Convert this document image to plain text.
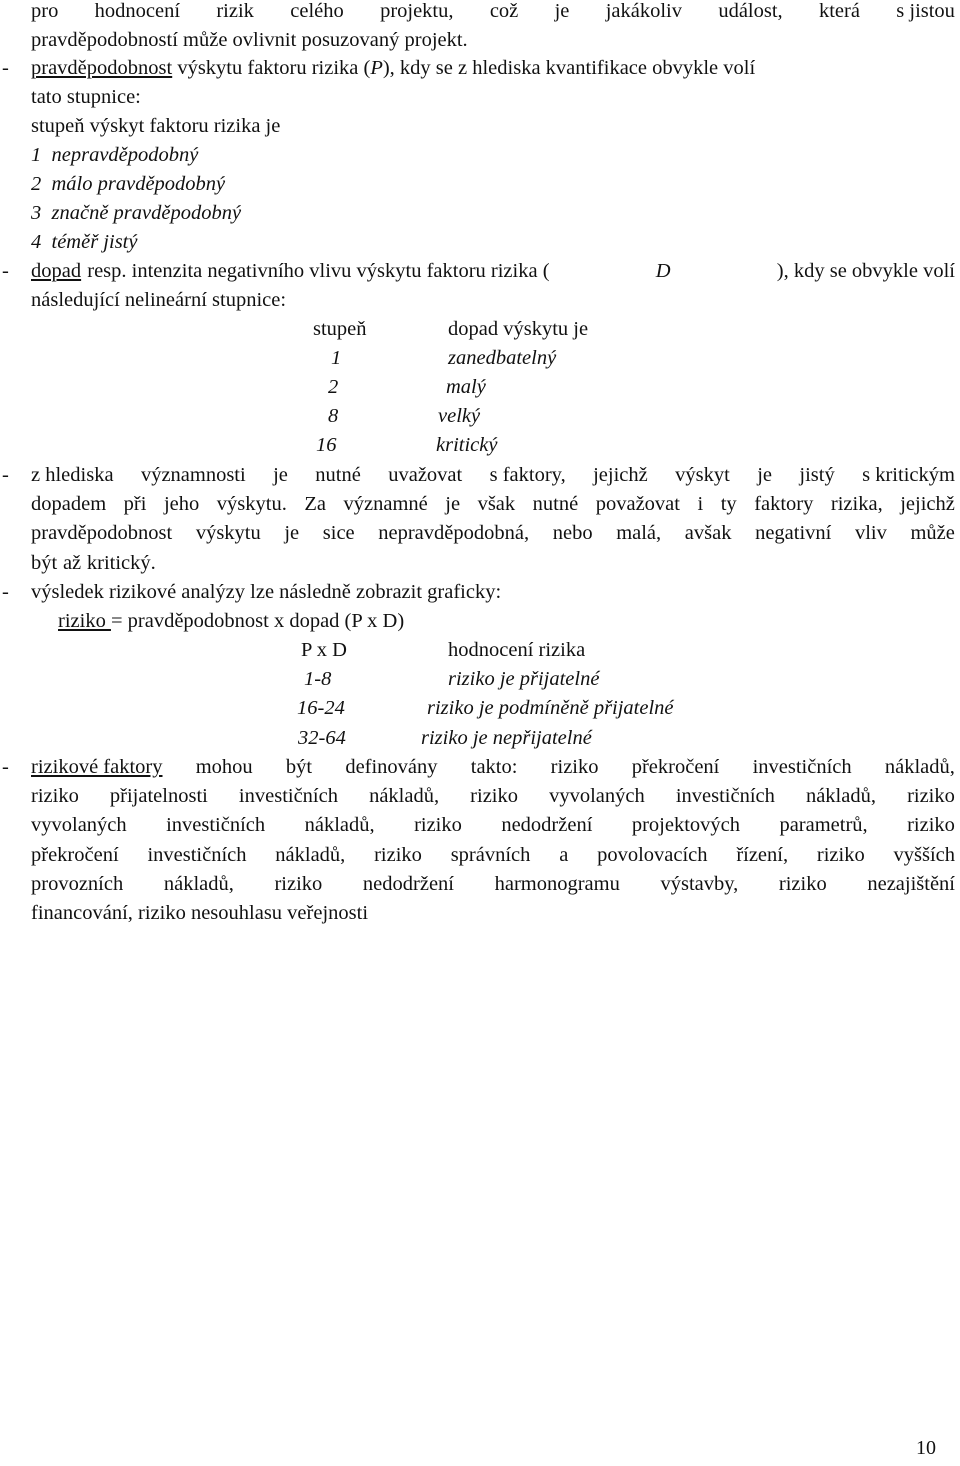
pro hodnocení rizik celého projektu, což je jakákoliv událost, která s jistou
pravděpodobností může ovlivnit posuzovaný projekt.
- pravděpodobnost výskytu faktoru rizika (P), kdy se z hlediska kvantifikace obvykle volí
tato stupnice:
stupeň výskyt faktoru rizika je
1  nepravděpodobný
2  málo pravděpodobný
3  značně pravděpodobný
4  téměř jistý
- dopad resp. intenzita negativního vlivu výskytu faktoru rizika (	D	), kdy se obvykle volí
následující nelineární stupnice:
stupeň	dopad výskytu je
1	zanedbatelný
2	malý
8	velký
16	kritický
- z hlediska významnosti je nutné uvažovat s faktory, jejichž výskyt je jistý s kritickým
dopadem při jeho výskytu. Za významné je však nutné považovat i ty faktory rizika, jejichž
pravděpodobnost výskytu je sice nepravděpodobná, nebo malá, avšak negativní vliv může
být až kritický.
- výsledek rizikové analýzy lze následně zobrazit graficky:
riziko = pravděpodobnost x dopad (P x D)
P x D	hodnocení rizika
1-8	riziko je přijatelné
16-24	riziko je podmíněně přijatelné
32-64	riziko je nepřijatelné
- rizikové faktory mohou být definovány takto: riziko překročení investičních nákladů,
riziko přijatelnosti investičních nákladů, riziko vyvolaných investičních nákladů, riziko
vyvolaných investičních nákladů, riziko nedodržení projektových parametrů, riziko
překročení investičních nákladů, riziko správních a povolovacích řízení, riziko vyšších
provozních nákladů, riziko nedodržení harmonogramu výstavby, riziko nezajištění
financování, riziko nesouhlasu veřejnosti
10
